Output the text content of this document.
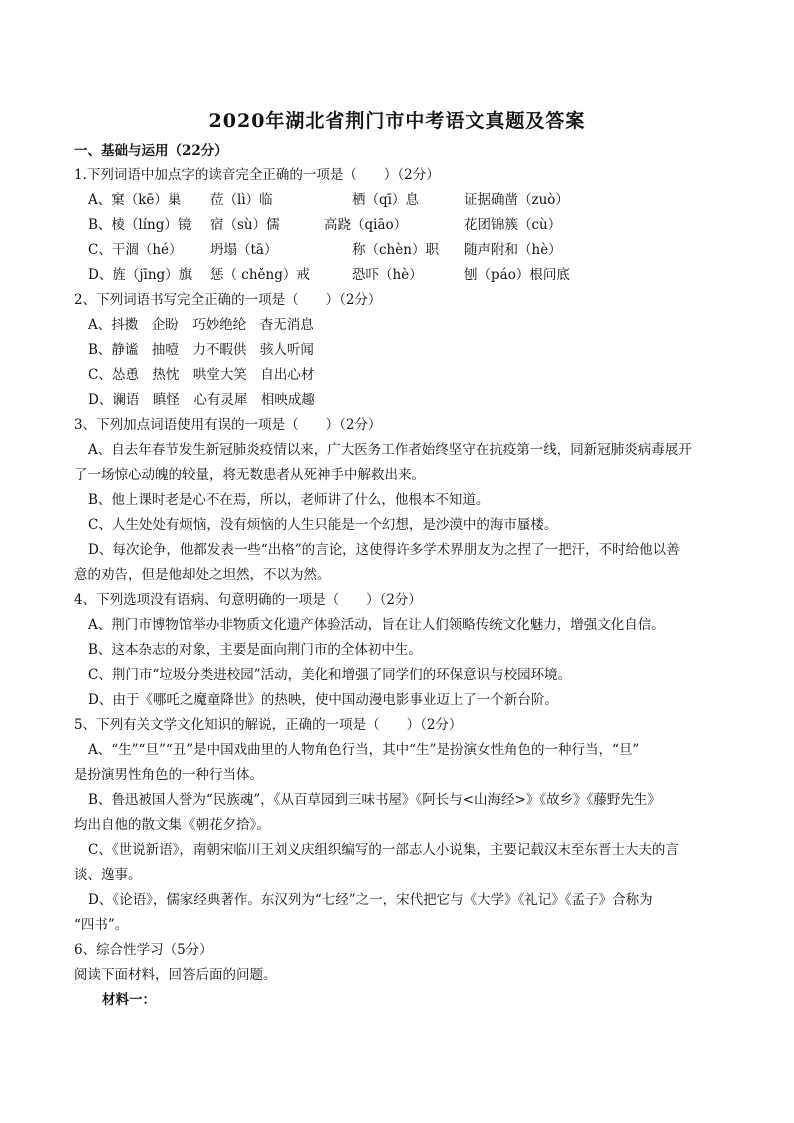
2020年湖北省荆门市中考语文真题及答案
一、基础与运用（22分）
1.下列词语中加点字的读音完全正确的一项是（　　）（2分）
A、窠（kē）巢 莅（lì）临	栖（qī）息	证据确凿（zuò）
B、棱（líng）镜 宿（sù）儒	高跷（qiāo）	花团锦簇（cù）
C、干涸（hé） 坍塌（tā）	称（chèn）职 随声附和（hè）
D、旌（jīng）旗 惩（ chěng）戒	恐吓（hè）	刨（páo）根问底
2、下列词语书写完全正确的一项是（　　）（2分）
A、抖擞　企盼　巧妙绝纶　杳无消息
B、静谧　抽噎　力不暇供　骇人听闻
C、怂恿　热忱　哄堂大笑　自出心材
D、谰语　瞋怪　心有灵犀　相映成趣
3、下列加点词语使用有误的一项是（　　）（2分）
A、自去年春节发生新冠肺炎疫情以来，广大医务工作者始终坚守在抗疫第一线，同新冠肺炎病毒展开
了一场惊心动魄的较量，将无数患者从死神手中解救出来。
B、他上课时老是心不在焉，所以，老师讲了什么，他根本不知道。
C、人生处处有烦恼，没有烦恼的人生只能是一个幻想，是沙漠中的海市蜃楼。
D、每次论争，他都发表一些“出格”的言论，这使得许多学术界朋友为之捏了一把汗，不时给他以善
意的劝告，但是他却处之坦然，不以为然。
4、下列选项没有语病、句意明确的一项是（　　）（2分）
A、荆门市博物馆举办非物质文化遗产体验活动，旨在让人们领略传统文化魅力，增强文化自信。
B、这本杂志的对象，主要是面向荆门市的全体初中生。
C、荆门市“垃圾分类进校园”活动，美化和增强了同学们的环保意识与校园环境。
D、由于《哪吒之魔童降世》的热映，使中国动漫电影事业迈上了一个新台阶。
5、下列有关文学文化知识的解说，正确的一项是（　　）（2分）
A、“生”“旦”“丑”是中国戏曲里的人物角色行当，其中“生”是扮演女性角色的一种行当，“旦”
是扮演男性角色的一种行当体。
B、鲁迅被国人誉为“民族魂”，《从百草园到三味书屋》《阿长与<山海经>》《故乡》《藤野先生》
均出自他的散文集《朝花夕拾》。
C、《世说新语》，南朝宋临川王刘义庆组织编写的一部志人小说集，主要记载汉末至东晋士大夫的言
谈、逸事。
D、《论语》，儒家经典著作。东汉列为“七经”之一，宋代把它与《大学》《礼记》《孟子》合称为
“四书”。
6、综合性学习（5分）
阅读下面材料，回答后面的问题。
材料一：
